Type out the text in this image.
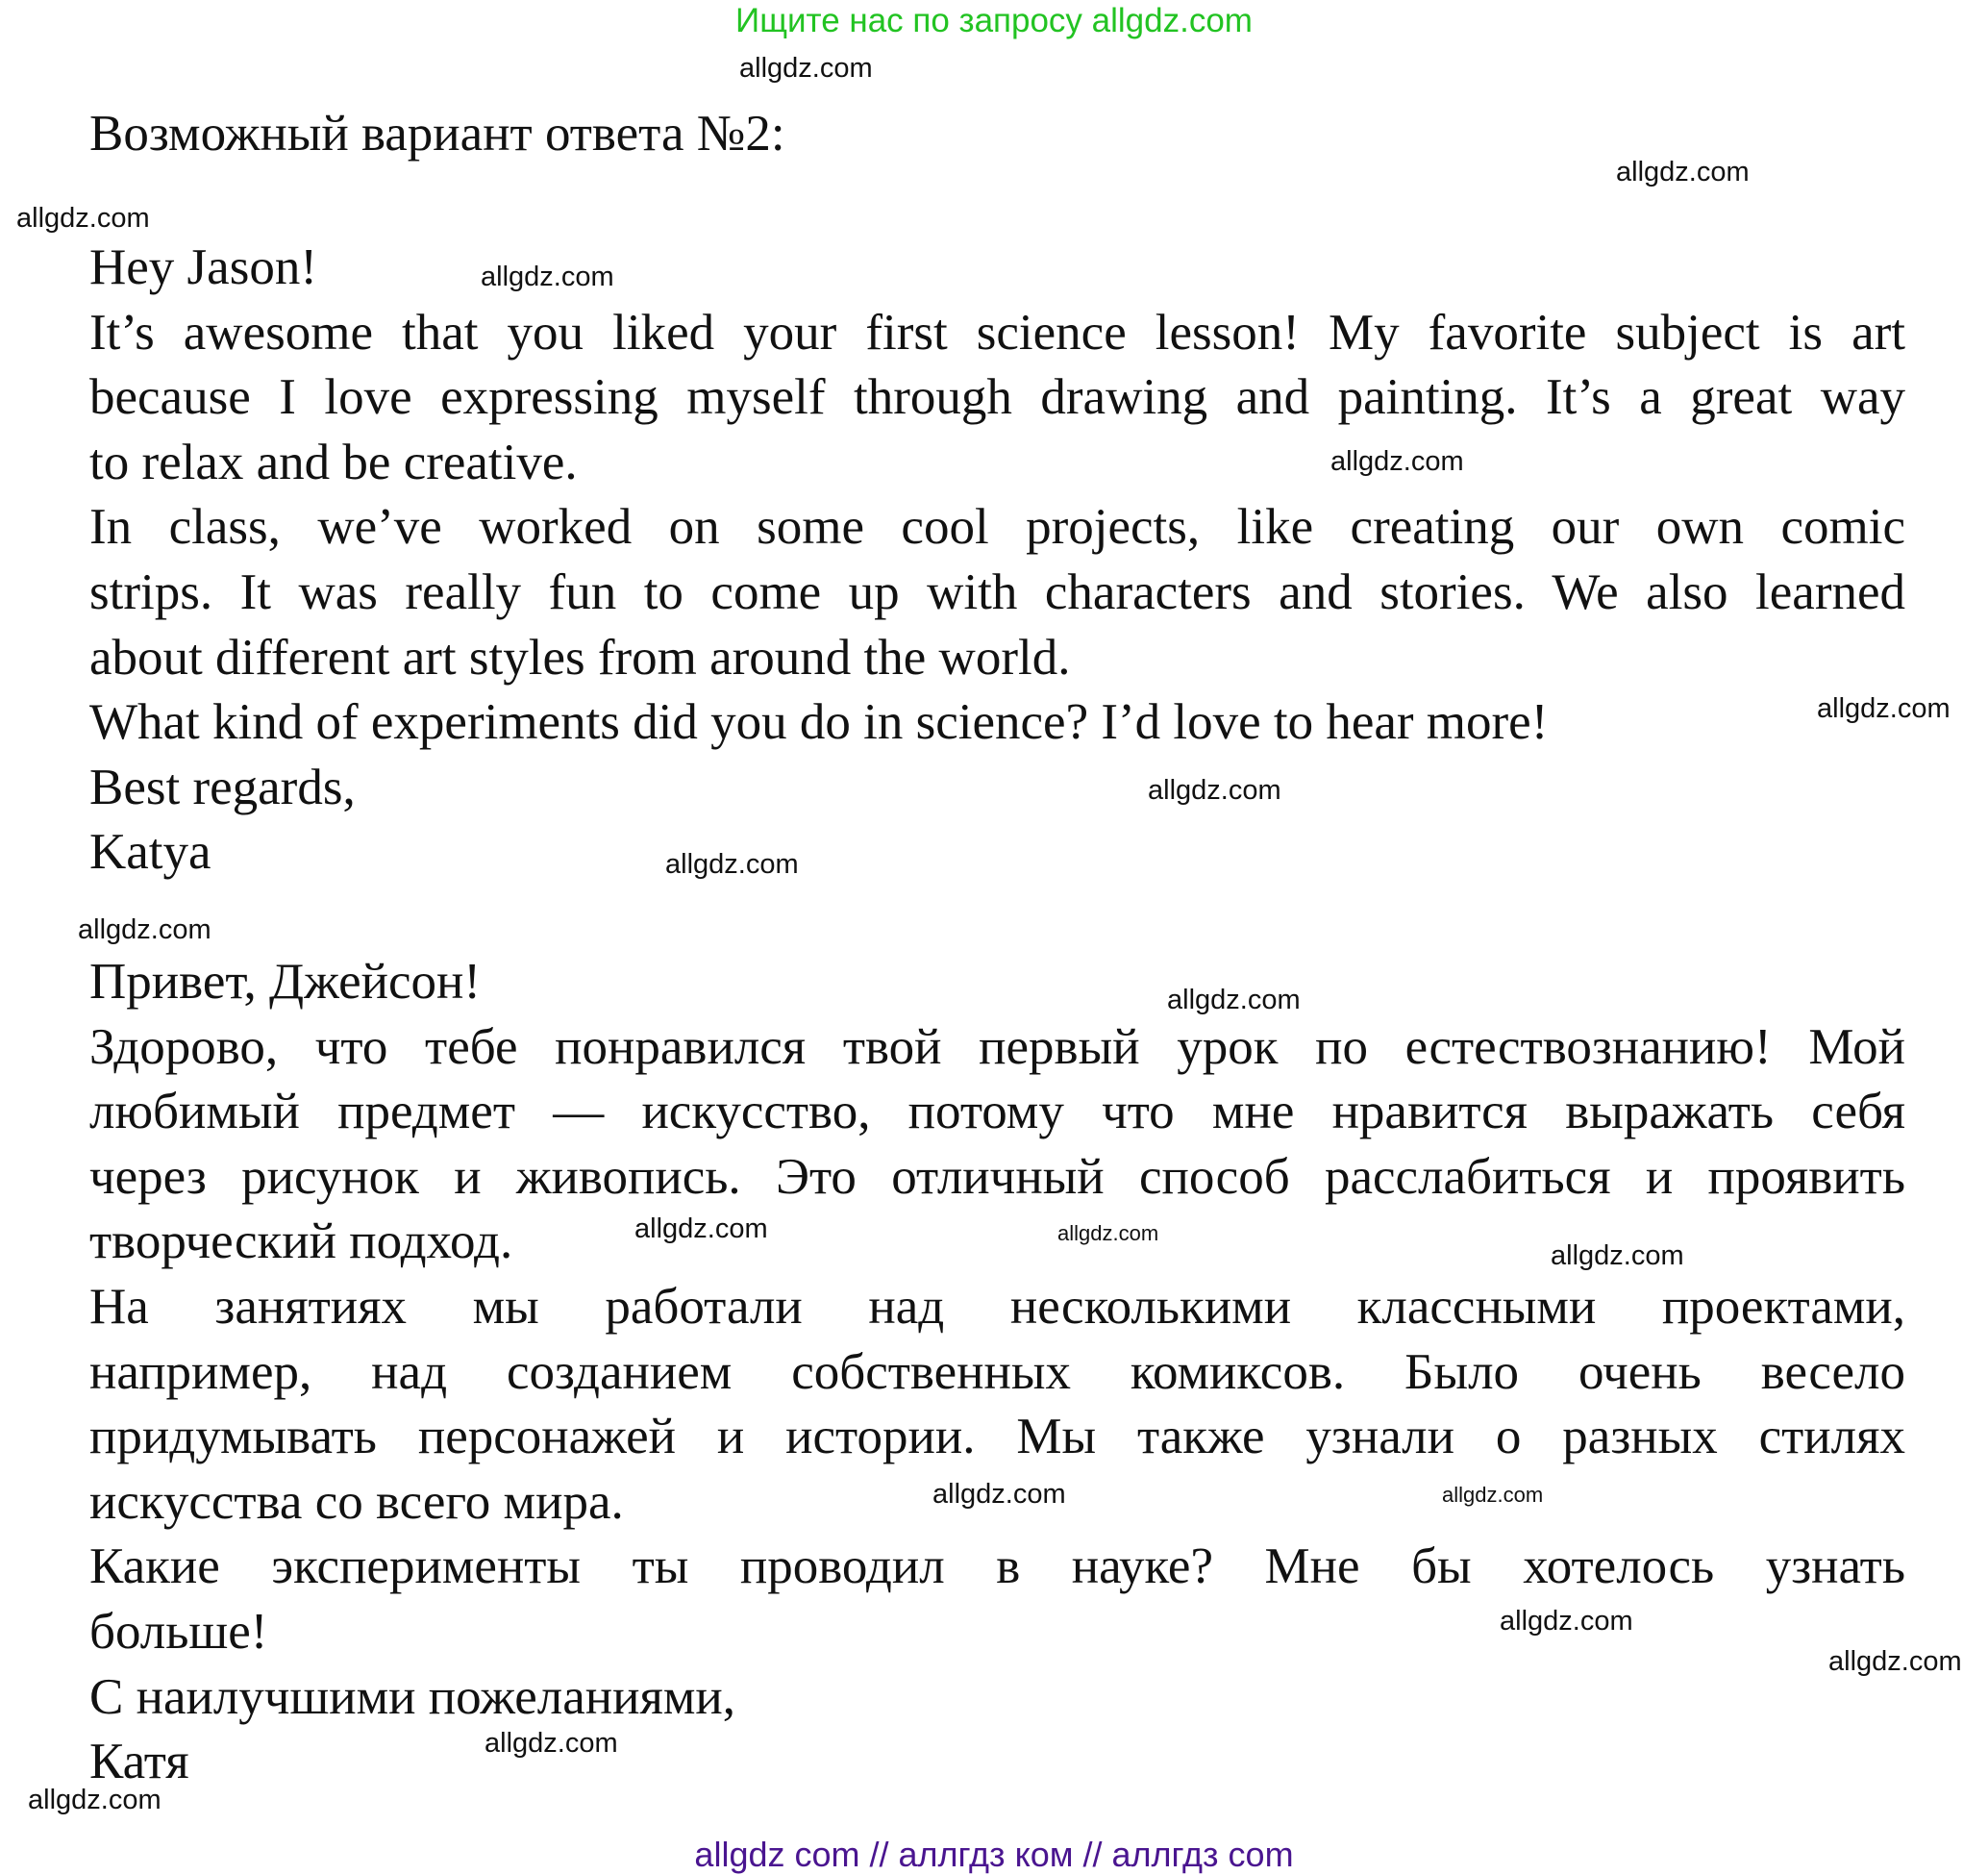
Ищите нас по запросу allgdz.com
Возможный вариант ответа №2:
allgdz.com
allgdz.com
allgdz.com
allgdz.com
allgdz.com
allgdz.com
allgdz.com
allgdz.com
allgdz.com
allgdz.com
allgdz.com
allgdz.com
allgdz.com
allgdz.com
allgdz.com
allgdz.com
allgdz.com
allgdz.com
allgdz.com
Hey Jason!
It’s awesome that you liked your first science lesson! My favorite subject is art
because I love expressing myself through drawing and painting. It’s a great way
to relax and be creative.
In class, we’ve worked on some cool projects, like creating our own comic
strips. It was really fun to come up with characters and stories. We also learned
about different art styles from around the world.
What kind of experiments did you do in science? I’d love to hear more!
Best regards,
Katya
Привет, Джейсон!
Здорово, что тебе понравился твой первый урок по естествознанию! Мой
любимый предмет — искусство, потому что мне нравится выражать себя
через рисунок и живопись. Это отличный способ расслабиться и проявить
творческий подход.
На занятиях мы работали над несколькими классными проектами,
например, над созданием собственных комиксов. Было очень весело
придумывать персонажей и истории. Мы также узнали о разных стилях
искусства со всего мира.
Какие эксперименты ты проводил в науке? Мне бы хотелось узнать
больше!
С наилучшими пожеланиями,
Катя
allgdz com // аллгдз ком // аллгдз com
